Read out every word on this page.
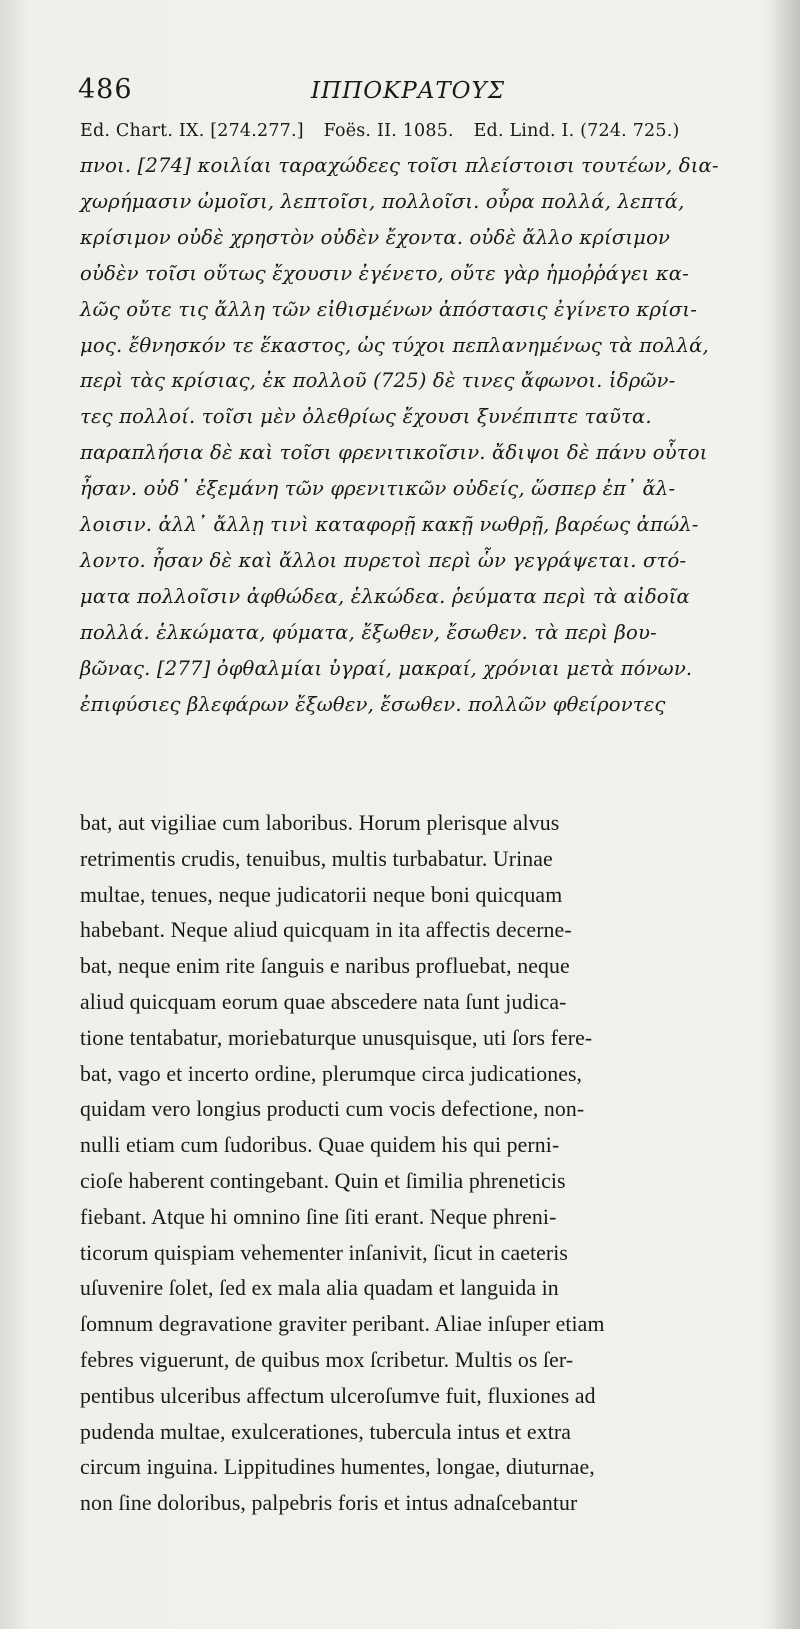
486	ΙΠΠΟΚΡΑΤΟΥΣ
Ed. Chart. IX. [274.277.] Foës. II. 1085. Ed. Lind. I. (724. 725.)
πνοι. [274] κοιλίαι ταραχώδεες τοῖσι πλείστοισι τουτέων, δια-
χωρήμασιν ὠμοῖσι, λεπτοῖσι, πολλοῖσι. οὖρα πολλά, λεπτά,
κρίσιμον οὐδὲ χρηστὸν οὐδὲν ἔχοντα. οὐδὲ ἄλλο κρίσιμον
οὐδὲν τοῖσι οὕτως ἔχουσιν ἐγένετο, οὔτε γὰρ ἡμοῤῥάγει κα-
λῶς οὔτε τις ἄλλη τῶν εἰθισμένων ἀπόστασις ἐγίνετο κρίσι-
μος. ἔθνησκόν τε ἕκαστος, ὡς τύχοι πεπλανημένως τὰ πολλά,
περὶ τὰς κρίσιας, ἐκ πολλοῦ (725) δὲ τινες ἄφωνοι. ἱδρῶν-
τες πολλοί. τοῖσι μὲν ὀλεθρίως ἔχουσι ξυνέπιπτε ταῦτα.
παραπλήσια δὲ καὶ τοῖσι φρενιτικοῖσιν. ἄδιψοι δὲ πάνυ οὗτοι
ἦσαν. οὐδ᾽ ἐξεμάνη τῶν φρενιτικῶν οὐδείς, ὥσπερ ἐπ᾽ ἄλ-
λοισιν. ἀλλ᾽ ἄλλῃ τινὶ καταφορῇ κακῇ νωθρῇ, βαρέως ἀπώλ-
λοντο. ἦσαν δὲ καὶ ἄλλοι πυρετοὶ περὶ ὧν γεγράψεται. στό-
ματα πολλοῖσιν ἀφθώδεα, ἑλκώδεα. ῥεύματα περὶ τὰ αἰδοῖα
πολλά. ἑλκώματα, φύματα, ἔξωθεν, ἔσωθεν. τὰ περὶ βου-
βῶνας. [277] ὀφθαλμίαι ὑγραί, μακραί, χρόνιαι μετὰ πόνων.
ἐπιφύσιες βλεφάρων ἔξωθεν, ἔσωθεν. πολλῶν φθείροντες
bat, aut vigiliae cum laboribus. Horum plerisque alvus
retrimentis crudis, tenuibus, multis turbabatur. Urinae
multae, tenues, neque judicatorii neque boni quicquam
habebant. Neque aliud quicquam in ita affectis decerne-
bat, neque enim rite ſanguis e naribus profluebat, neque
aliud quicquam eorum quae abscedere nata ſunt judica-
tione tentabatur, moriebaturque unusquisque, uti ſors fere-
bat, vago et incerto ordine, plerumque circa judicationes,
quidam vero longius producti cum vocis defectione, non-
nulli etiam cum ſudoribus. Quae quidem his qui perni-
cioſe haberent contingebant. Quin et ſimilia phreneticis
fiebant. Atque hi omnino ſine ſiti erant. Neque phreni-
ticorum quispiam vehementer inſanivit, ſicut in caeteris
uſuvenire ſolet, ſed ex mala alia quadam et languida in
ſomnum degravatione graviter peribant. Aliae inſuper etiam
febres viguerunt, de quibus mox ſcribetur. Multis os ſer-
pentibus ulceribus affectum ulceroſumve fuit, fluxiones ad
pudenda multae, exulcerationes, tubercula intus et extra
circum inguina. Lippitudines humentes, longae, diuturnae,
non ſine doloribus, palpebris foris et intus adnaſcebantur
